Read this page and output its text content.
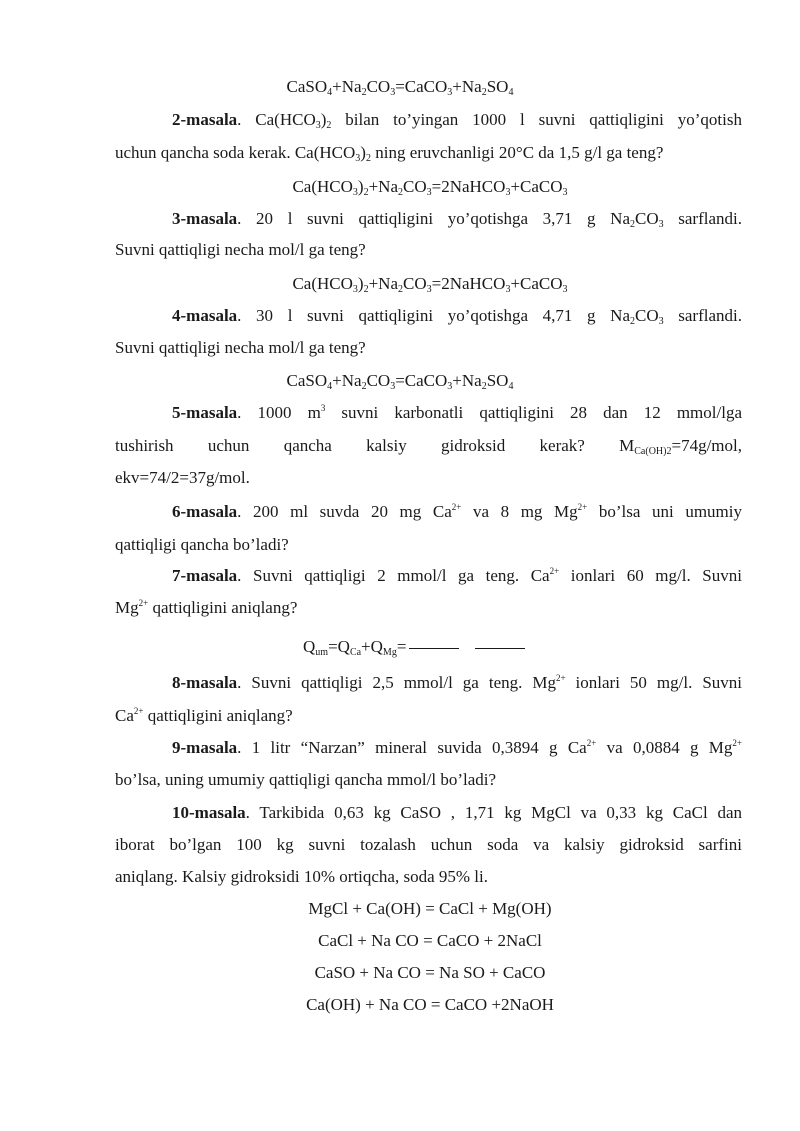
$CaSO_4+Na_2CO_3=CaCO_3+Na_2SO_4$
2-masala. $Ca(HCO_3)_2$ bilan to’yingan 1000 l suvni qattiqligini yo’qotish
uchun qancha soda kerak. $Ca(HCO_3)_2$ ning eruvchanligi 20°C da 1,5 g/l ga teng?
$Ca(HCO_3)_2+Na_2CO_3=2NaHCO_3+CaCO_3$
3-masala. 20 l suvni qattiqligini yo’qotishga 3,71 g $Na_2CO_3$ sarflandi.
Suvni qattiqligi necha mol/l ga teng?
$Ca(HCO_3)_2+Na_2CO_3=2NaHCO_3+CaCO_3$
4-masala. 30 l suvni qattiqligini yo’qotishga 4,71 g $Na_2CO_3$ sarflandi.
Suvni qattiqligi necha mol/l ga teng?
$CaSO_4+Na_2CO_3=CaCO_3+Na_2SO_4$
5-masala. 1000 $m^3$ suvni karbonatli qattiqligini 28 dan 12 mmol/lga
tushirish uchun qancha kalsiy gidroksid kerak? $M_{Ca(OH)2}=74g$/mol,
ekv=74/2=37g/mol.
6-masala. 200 ml suvda 20 mg $Ca^{2+}$ va 8 mg $Mg^{2+}$ bo’lsa uni umumiy
qattiqligi qancha bo’ladi?
7-masala. Suvni qattiqligi 2 mmol/l ga teng. $Ca^{2+}$ ionlari 60 mg/l. Suvni
$Mg^{2+}$ qattiqligini aniqlang?
$Q_{um}=Q_{Ca}+Q_{Mg}=$
8-masala. Suvni qattiqligi 2,5 mmol/l ga teng. $Mg^{2+}$ ionlari 50 mg/l. Suvni
$Ca^{2+}$ qattiqligini aniqlang?
9-masala. 1 litr “Narzan” mineral suvida 0,3894 g $Ca^{2+}$ va 0,0884 g $Mg^{2+}$
bo’lsa, uning umumiy qattiqligi qancha mmol/l bo’ladi?
10-masala. Tarkibida 0,63 kg CaSO , 1,71 kg MgCl va 0,33 kg CaCl dan
iborat bo’lgan 100 kg suvni tozalash uchun soda va kalsiy gidroksid sarfini
aniqlang. Kalsiy gidroksidi 10% ortiqcha, soda 95% li.
MgCl + Ca(OH) = CaCl + Mg(OH)
CaCl + Na CO = CaCO + 2NaCl
CaSO + Na CO = Na SO + CaCO
Ca(OH) + Na CO = CaCO +2NaOH
